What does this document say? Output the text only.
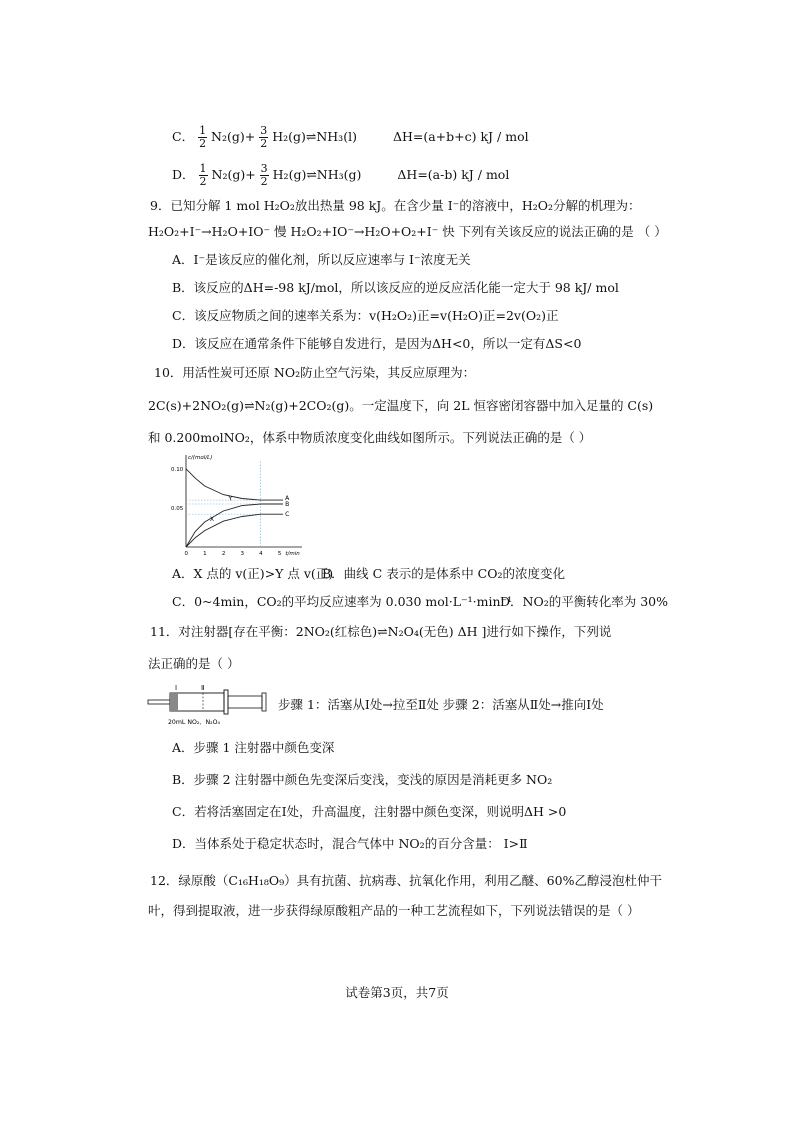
C． $\frac{1}{2} N_2(g)+ \frac{3}{2}$ H₂(g)⇌NH₃(l)	ΔH=(a+b+c) kJ / mol
D． $\frac{1}{2} N_2(g)+ \frac{3}{2}$ H₂(g)⇌NH₃(g)	ΔH=(a-b) kJ / mol
9．已知分解 1 mol H₂O₂放出热量 98 kJ。在含少量 I⁻的溶液中，H₂O₂分解的机理为：
H₂O₂+I⁻→H₂O+IO⁻ 慢 H₂O₂+IO⁻→H₂O+O₂+I⁻ 快 下列有关该反应的说法正确的是 （ ）
A．I⁻是该反应的催化剂，所以反应速率与 I⁻浓度无关
B．该反应的ΔH=-98 kJ/mol，所以该反应的逆反应活化能一定大于 98 kJ/ mol
C．该反应物质之间的速率关系为：v(H₂O₂)正=v(H₂O)正=2v(O₂)正
D．该反应在通常条件下能够自发进行，是因为ΔH<0，所以一定有ΔS<0
10．用活性炭可还原 NO₂防止空气污染，其反应原理为：
2C(s)+2NO₂(g)⇌N₂(g)+2CO₂(g)。一定温度下，向 2L 恒容密闭容器中加入足量的 C(s)
和 0.200molNO₂，体系中物质浓度变化曲线如图所示。下列说法正确的是（ ）
0.10
0.05
0	1	2	3	4	5 t/min
c/(mol/L)
A
B
C
X
Y
A．X 点的 v(正)>Y 点 v(正)
B．曲线 C 表示的是体系中 CO₂的浓度变化
C．0~4min，CO₂的平均反应速率为 0.030 mol·L⁻¹·min⁻¹
D．NO₂的平衡转化率为 30%
11．对注射器[存在平衡：2NO₂(红棕色)⇌N₂O₄(无色) ΔH ]进行如下操作，下列说
法正确的是（ ）
Ⅰ	Ⅱ
20mL NO₂、N₂O₄
步骤 1：活塞从Ⅰ处→拉至Ⅱ处 步骤 2：活塞从Ⅱ处→推向Ⅰ处
A．步骤 1 注射器中颜色变深
B．步骤 2 注射器中颜色先变深后变浅，变浅的原因是消耗更多 NO₂
C．若将活塞固定在Ⅰ处，升高温度，注射器中颜色变深，则说明ΔH >0
D．当体系处于稳定状态时，混合气体中 NO₂的百分含量： Ⅰ>Ⅱ
12．绿原酸（C₁₆H₁₈O₉）具有抗菌、抗病毒、抗氧化作用，利用乙醚、60%乙醇浸泡杜仲干
叶，得到提取液，进一步获得绿原酸粗产品的一种工艺流程如下，下列说法错误的是（ ）
试卷第3页，共7页
